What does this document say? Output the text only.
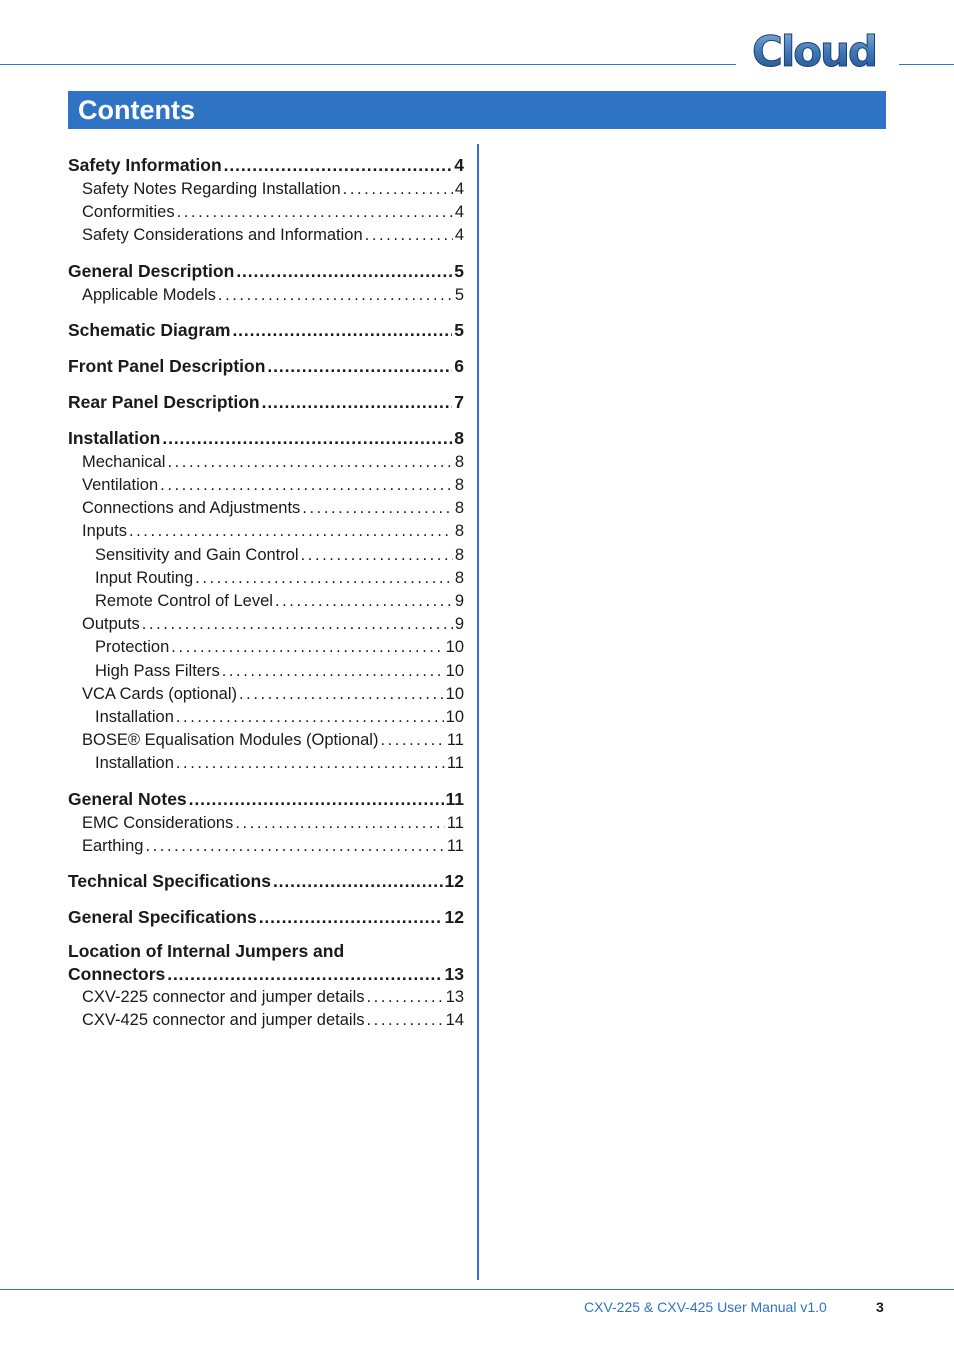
Cloud
Contents
Safety Information . . .	4
Safety Notes Regarding Installation . . .	4
Conformities . . .	4
Safety Considerations and Information . . .	4
General Description . . .	5
Applicable Models . . .	5
Schematic Diagram . . .	5
Front Panel Description . . .	6
Rear Panel Description . . .	7
Installation . . .	8
Mechanical . . .	8
Ventilation . . .	8
Connections and Adjustments . . .	8
Inputs . . .	8
Sensitivity and Gain Control . . .	8
Input Routing . . .	8
Remote Control of Level . . .	9
Outputs . . .	9
Protection . . .	10
High Pass Filters . . .	10
VCA Cards (optional) . . .	10
Installation . . .	10
BOSE® Equalisation Modules (Optional) . . .	11
Installation . . .	11
General Notes . . .	11
EMC Considerations . . .	11
Earthing . . .	11
Technical Specifications . . .	12
General Specifications . . .	12
Location of Internal Jumpers and
Connectors . . .	13
CXV-225 connector and jumper details . . .	13
CXV-425 connector and jumper details . . .	14
CXV-225 & CXV-425 User Manual v1.0	3
